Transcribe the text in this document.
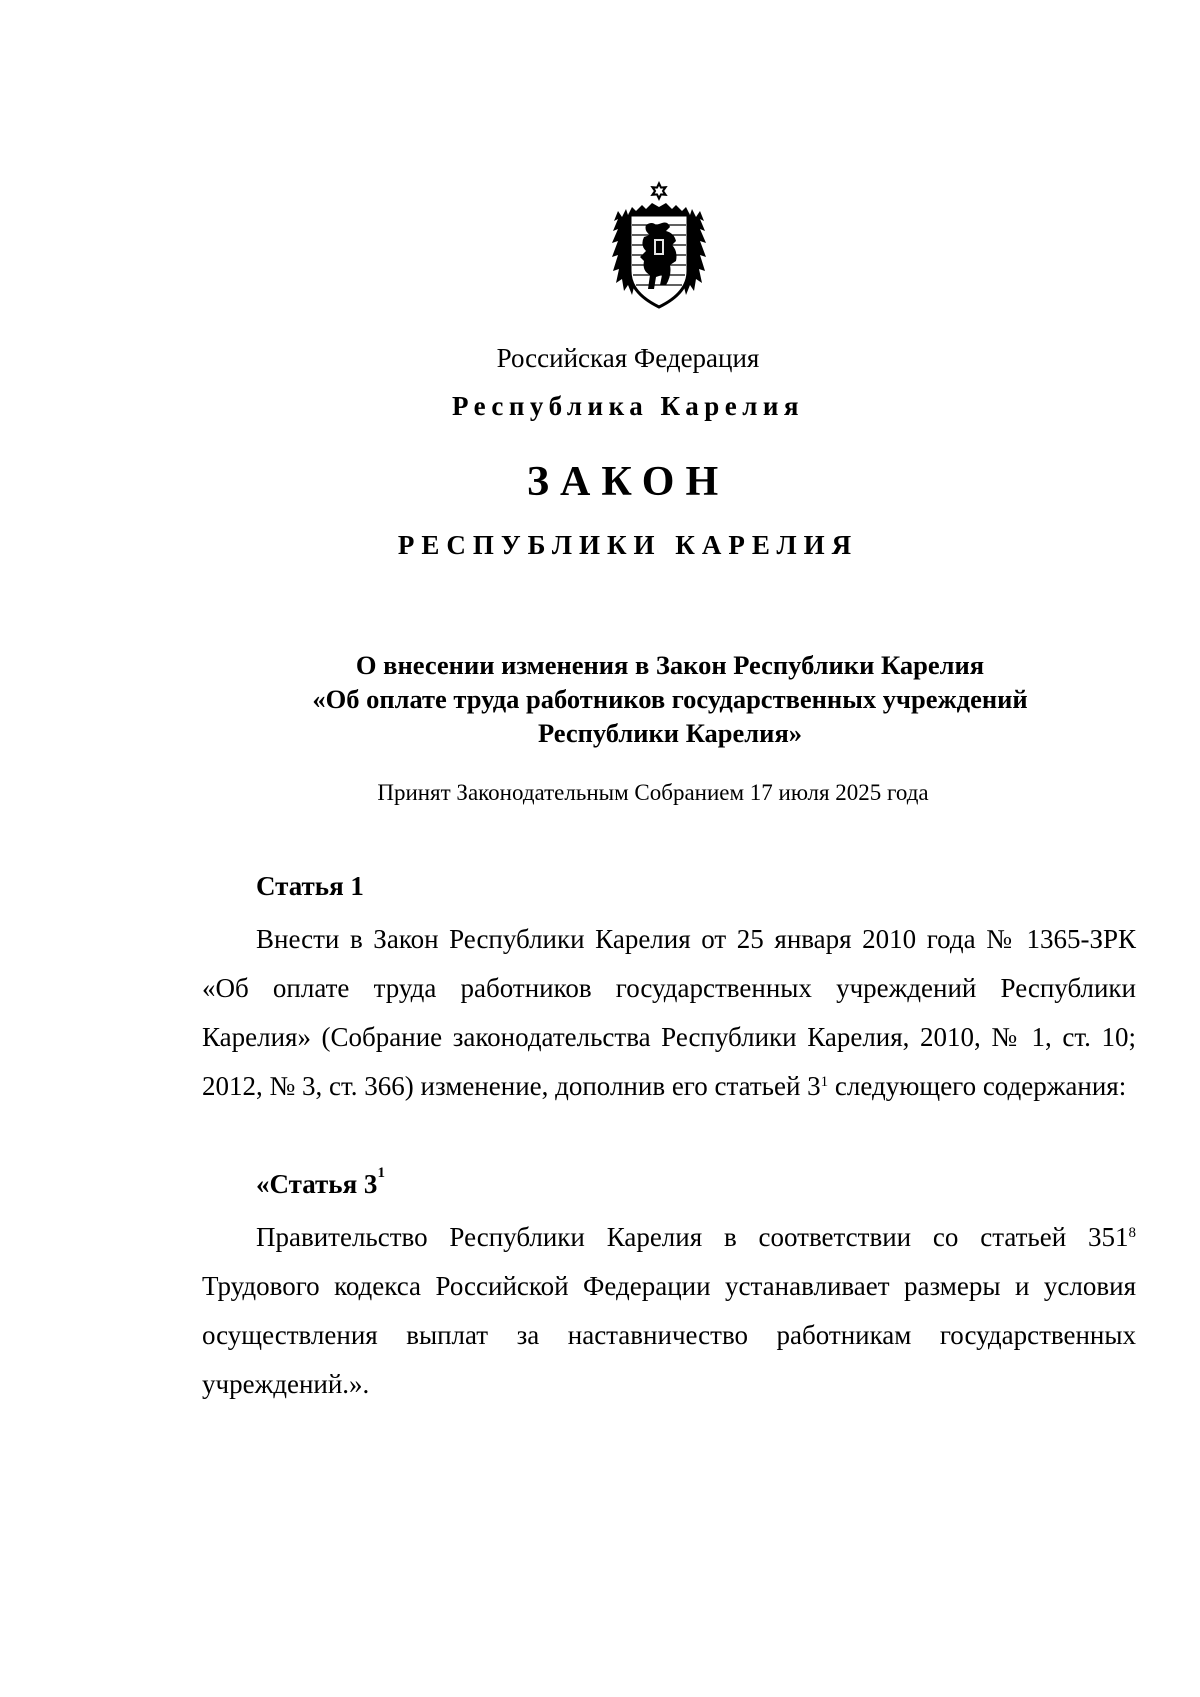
Российская Федерация
Республика Карелия
ЗАКОН
РЕСПУБЛИКИ КАРЕЛИЯ
О внесении изменения в Закон Республики Карелия
«Об оплате труда работников государственных учреждений
Республики Карелия»
Принят Законодательным Собранием 17 июля 2025 года
Статья 1
Внести в Закон Республики Карелия от 25 января 2010 года № 1365-ЗРК «Об оплате труда работников государственных учреждений Республики Карелия» (Собрание законодательства Республики Карелия, 2010, № 1, ст. 10; 2012, № 3, ст. 366) изменение, дополнив его статьей $3^1$ следующего содержания:
«Статья $3^1$
Правительство Республики Карелия в соответствии со статьей $351^8$ Трудового кодекса Российской Федерации устанавливает размеры и условия осуществления выплат за наставничество работникам государственных учреждений.».
